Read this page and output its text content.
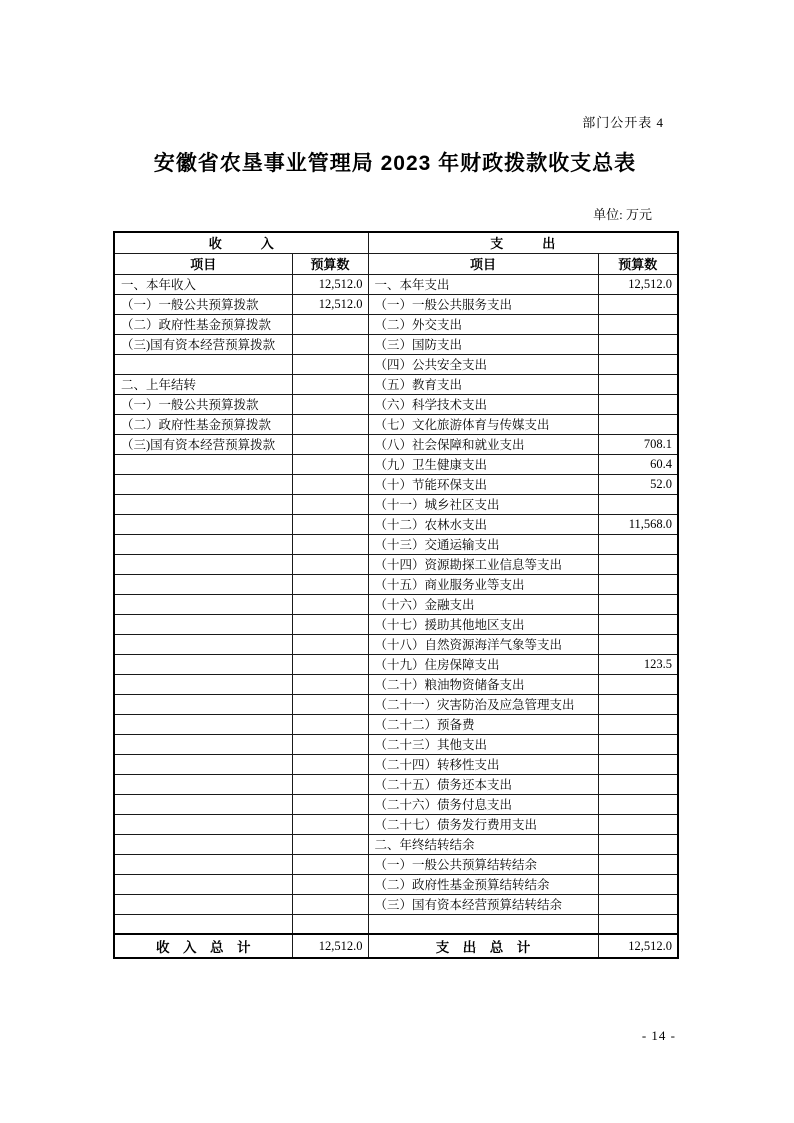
部门公开表 4
安徽省农垦事业管理局 2023 年财政拨款收支总表
单位: 万元
收　　　入		支　　　出	
项目	预算数	项目	预算数
一、本年收入	12,512.0	一、本年支出	12,512.0
（一）一般公共预算拨款	12,512.0	（一）一般公共服务支出	
（二）政府性基金预算拨款		（二）外交支出	
（三)国有资本经营预算拨款		（三）国防支出	
		（四）公共安全支出	
二、上年结转		（五）教育支出	
（一）一般公共预算拨款		（六）科学技术支出	
（二）政府性基金预算拨款		（七）文化旅游体育与传媒支出	
（三)国有资本经营预算拨款		（八）社会保障和就业支出	708.1
		（九）卫生健康支出	60.4
		（十）节能环保支出	52.0
		（十一）城乡社区支出	
		（十二）农林水支出	11,568.0
		（十三）交通运输支出	
		（十四）资源勘探工业信息等支出	
		（十五）商业服务业等支出	
		（十六）金融支出	
		（十七）援助其他地区支出	
		（十八）自然资源海洋气象等支出	
		（十九）住房保障支出	123.5
		（二十）粮油物资储备支出	
		（二十一）灾害防治及应急管理支出	
		（二十二）预备费	
		（二十三）其他支出	
		（二十四）转移性支出	
		（二十五）债务还本支出	
		（二十六）债务付息支出	
		（二十七）债务发行费用支出	
		二、年终结转结余	
		（一）一般公共预算结转结余	
		（二）政府性基金预算结转结余	
		（三）国有资本经营预算结转结余	

收　入　总　计	12,512.0	支　出　总　计	12,512.0
- 14 -
